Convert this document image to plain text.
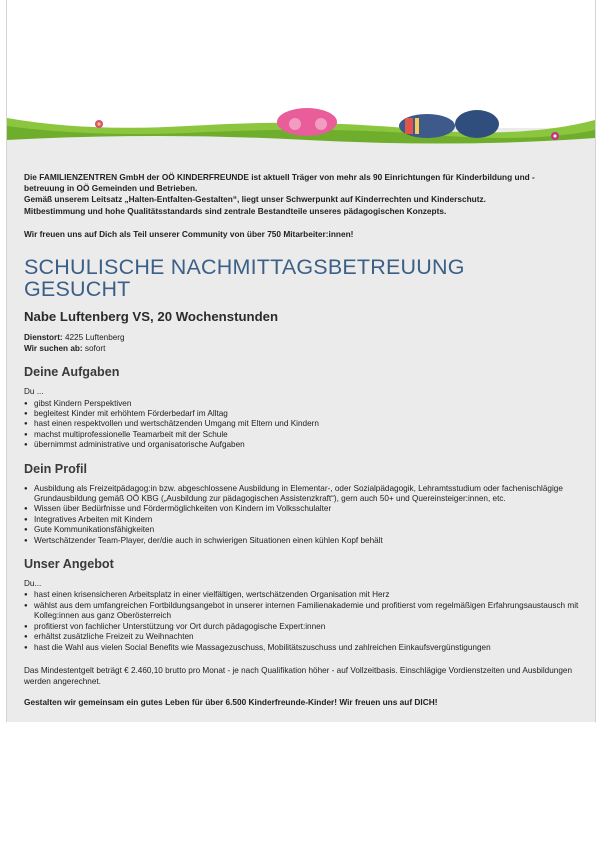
Die FAMILIENZENTREN GmbH der OÖ KINDERFREUNDE ist aktuell Träger von mehr als 90 Einrichtungen für Kinderbildung und -

betreuung in OÖ Gemeinden und Betrieben.

Gemäß unserem Leitsatz „Halten-Entfalten-Gestalten“, liegt unser Schwerpunkt auf Kinderrechten und Kinderschutz.

Mitbestimmung und hohe Qualitätsstandards sind zentrale Bestandteile unseres pädagogischen Konzepts.

Wir freuen uns auf Dich als Teil unserer Community von über 750 Mitarbeiter:innen!

SCHULISCHE NACHMITTAGSBETREUUNG
GESUCHT
Nabe Luftenberg VS, 20 Wochenstunden
Dienstort: 4225 Luftenberg
Wir suchen ab: sofort
Deine Aufgaben

Du ...

● gibst Kindern Perspektiven
● begleitest Kinder mit erhöhtem Förderbedarf im Alltag
● hast einen respektvollen und wertschätzenden Umgang mit Eltern und Kindern
● machst multiprofessionelle Teamarbeit mit der Schule
● übernimmst administrative und organisatorische Aufgaben
Dein Profil
● Ausbildung als Freizeitpädagog:in bzw. abgeschlossene Ausbildung in Elementar-, oder Sozialpädagogik, Lehramtsstudium oder fachenischlägige Grundausbildung gemäß OÖ KBG („Ausbildung zur pädagogischen Assistenzkraft“), gern auch 50+ und Quereinsteiger:innen, etc.
● Wissen über Bedürfnisse und Fördermöglichkeiten von Kindern im Volksschulalter
● Integratives Arbeiten mit Kindern
● Gute Kommunikationsfähigkeiten
● Wertschätzender Team-Player, der/die auch in schwierigen Situationen einen kühlen Kopf behält
Unser Angebot

Du...

● hast einen krisensicheren Arbeitsplatz in einer vielfältigen, wertschätzenden Organisation mit Herz
● wählst aus dem umfangreichen Fortbildungsangebot in unserer internen Familienakademie und profitierst vom regelmäßigen Erfahrungsaustausch mit Kolleg:innen aus ganz Oberösterreich
● profitierst von fachlicher Unterstützung vor Ort durch pädagogische Expert:innen
● erhältst zusätzliche Freizeit zu Weihnachten
● hast die Wahl aus vielen Social Benefits wie Massagezuschuss, Mobilitätszuschuss und zahlreichen Einkaufsvergünstigungen

Das Mindestentgelt beträgt € 2.460,10 brutto pro Monat - je nach Qualifikation höher - auf Vollzeitbasis. Einschlägige Vordienstzeiten und Ausbildungen werden angerechnet.

Gestalten wir gemeinsam ein gutes Leben für über 6.500 Kinderfreunde-Kinder! Wir freuen uns auf DICH!
